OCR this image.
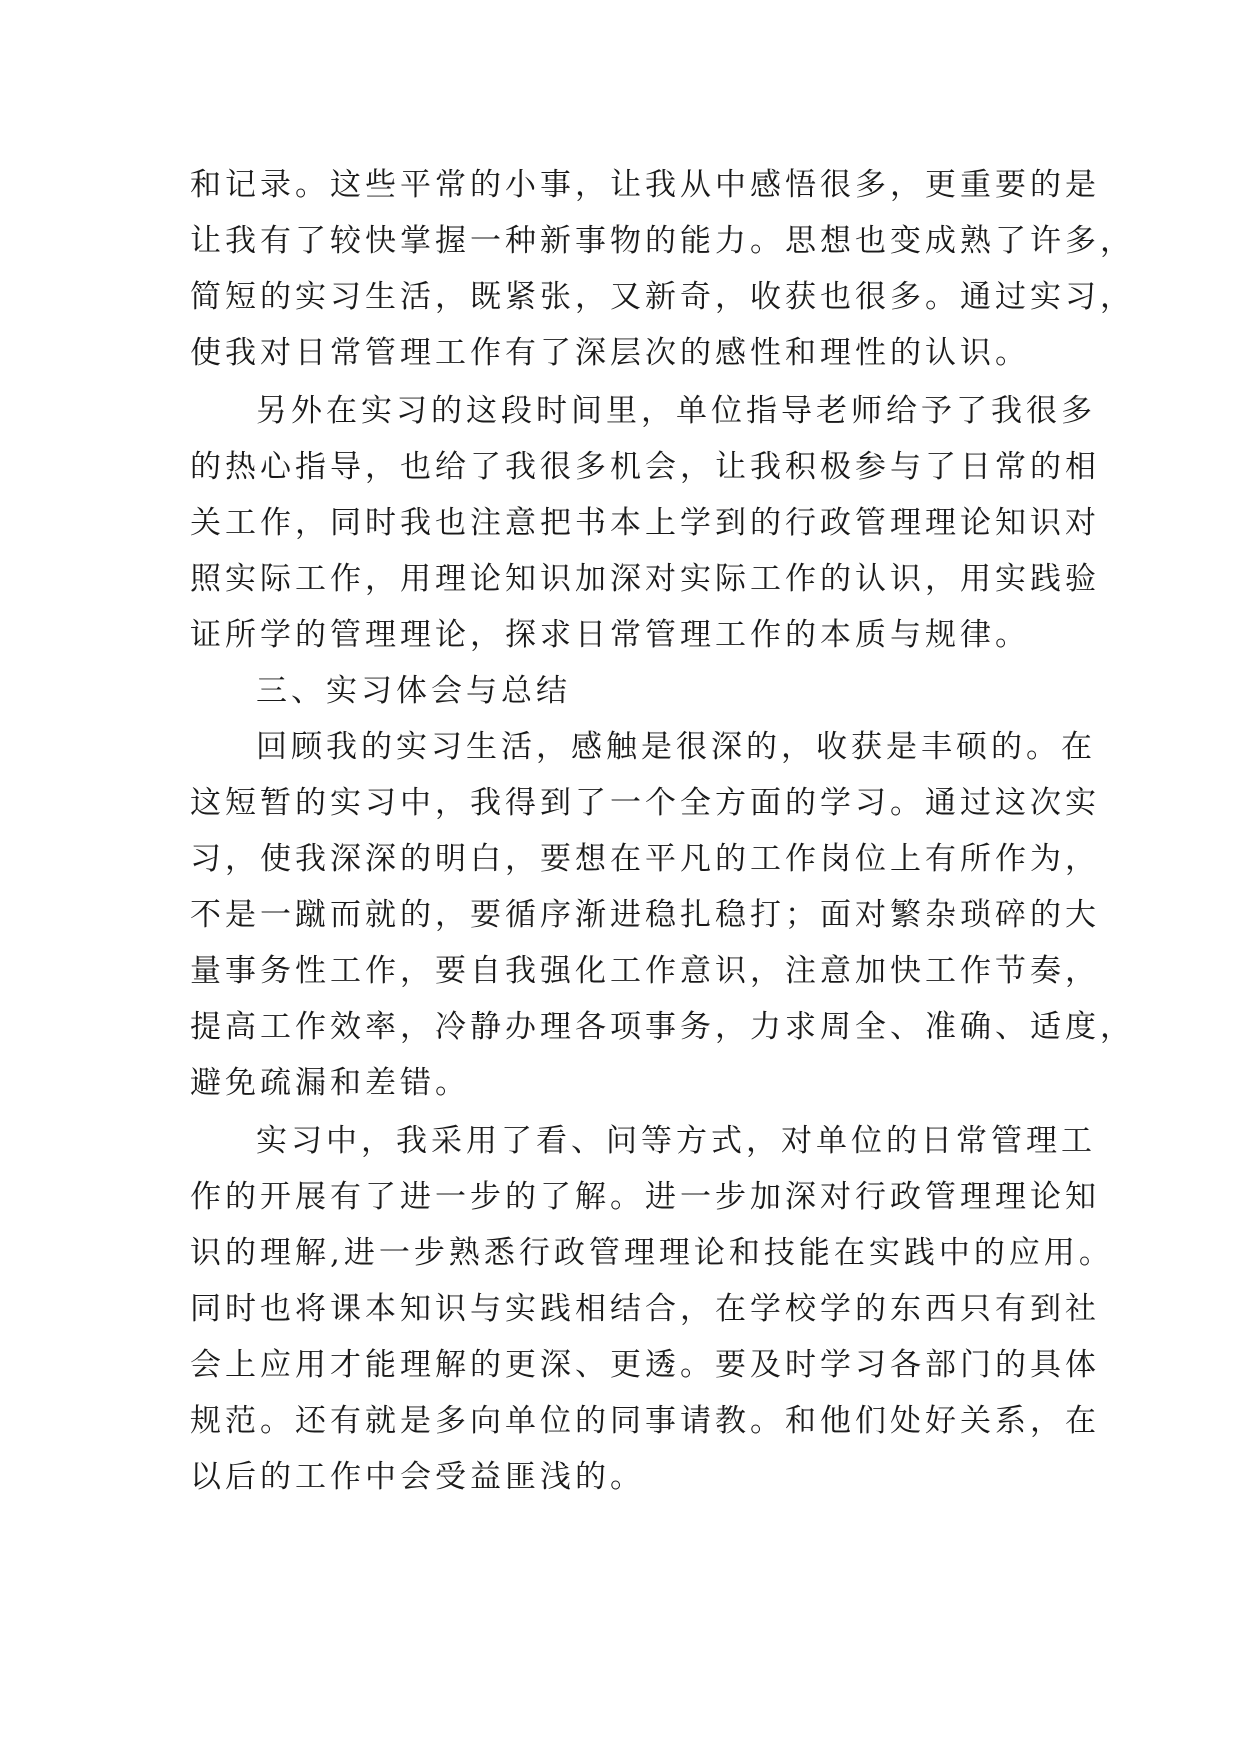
和记录。这些平常的小事，让我从中感悟很多，更重要的是
让我有了较快掌握一种新事物的能力。思想也变成熟了许多，
简短的实习生活，既紧张，又新奇，收获也很多。通过实习，
使我对日常管理工作有了深层次的感性和理性的认识。
另外在实习的这段时间里，单位指导老师给予了我很多
的热心指导，也给了我很多机会，让我积极参与了日常的相
关工作，同时我也注意把书本上学到的行政管理理论知识对
照实际工作，用理论知识加深对实际工作的认识，用实践验
证所学的管理理论，探求日常管理工作的本质与规律。
三、实习体会与总结
回顾我的实习生活，感触是很深的，收获是丰硕的。在
这短暂的实习中，我得到了一个全方面的学习。通过这次实
习，使我深深的明白，要想在平凡的工作岗位上有所作为，
不是一蹴而就的，要循序渐进稳扎稳打；面对繁杂琐碎的大
量事务性工作，要自我强化工作意识，注意加快工作节奏，
提高工作效率，冷静办理各项事务，力求周全、准确、适度，
避免疏漏和差错。
实习中，我采用了看、问等方式，对单位的日常管理工
作的开展有了进一步的了解。进一步加深对行政管理理论知
识的理解,进一步熟悉行政管理理论和技能在实践中的应用。
同时也将课本知识与实践相结合，在学校学的东西只有到社
会上应用才能理解的更深、更透。要及时学习各部门的具体
规范。还有就是多向单位的同事请教。和他们处好关系，在
以后的工作中会受益匪浅的。
